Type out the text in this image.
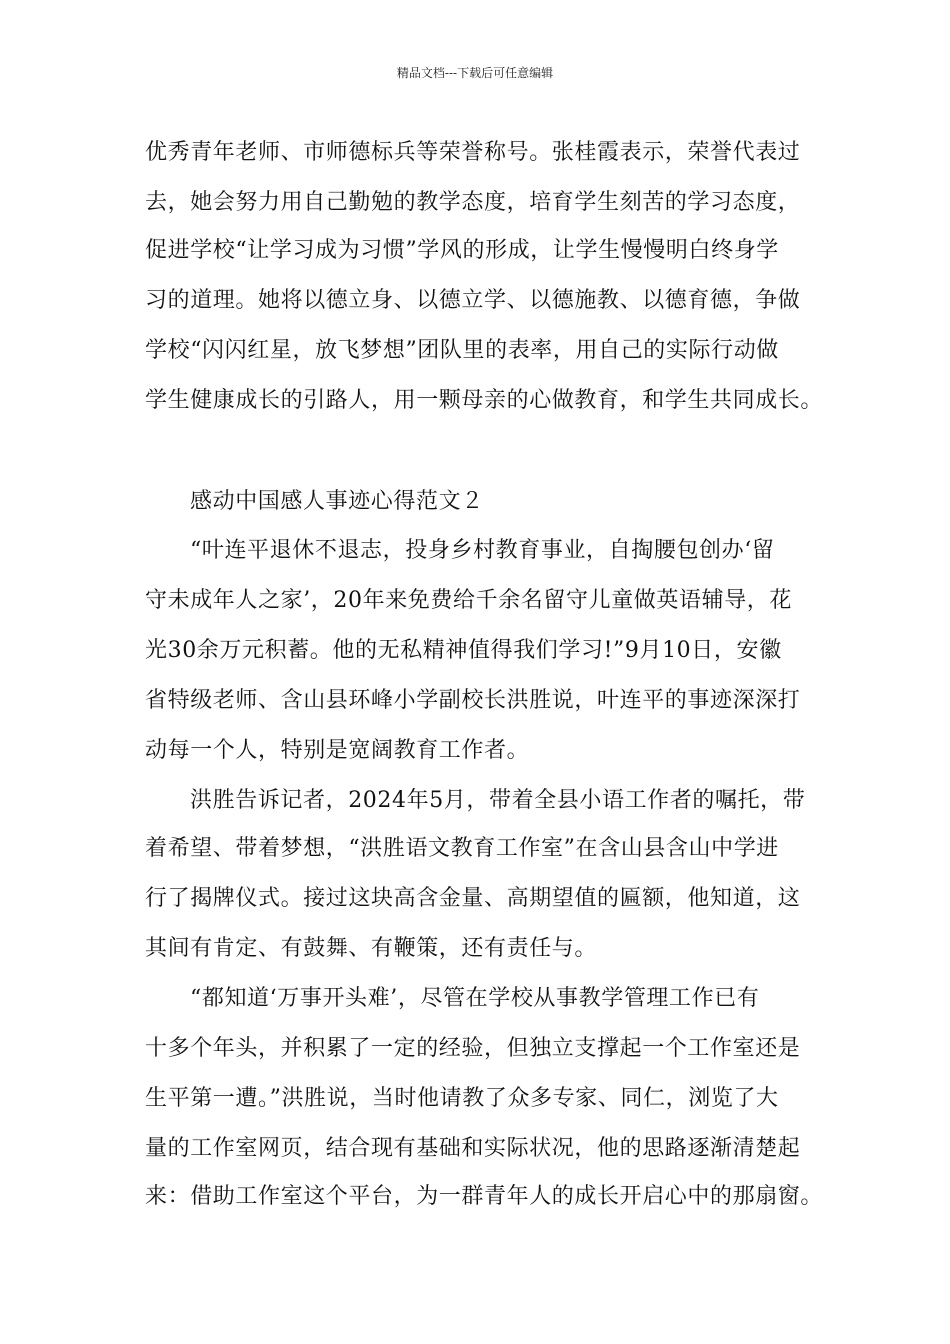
精品文档---下载后可任意编辑
优秀青年老师、市师德标兵等荣誉称号。张桂霞表示，荣誉代表过
去，她会努力用自己勤勉的教学态度，培育学生刻苦的学习态度，
促进学校“让学习成为习惯”学风的形成，让学生慢慢明白终身学
习的道理。她将以德立身、以德立学、以德施教、以德育德，争做
学校“闪闪红星，放飞梦想”团队里的表率，用自己的实际行动做
学生健康成长的引路人，用一颗母亲的心做教育，和学生共同成长。
感动中国感人事迹心得范文２
“叶连平退休不退志，投身乡村教育事业，自掏腰包创办‘留
守未成年人之家’，20年来免费给千余名留守儿童做英语辅导，花
光30余万元积蓄。他的无私精神值得我们学习!”9月10日，安徽
省特级老师、含山县环峰小学副校长洪胜说，叶连平的事迹深深打
动每一个人，特别是宽阔教育工作者。
洪胜告诉记者，2024年5月，带着全县小语工作者的嘱托，带
着希望、带着梦想，“洪胜语文教育工作室”在含山县含山中学进
行了揭牌仪式。接过这块高含金量、高期望值的匾额，他知道，这
其间有肯定、有鼓舞、有鞭策，还有责任与。
“都知道‘万事开头难’，尽管在学校从事教学管理工作已有
十多个年头，并积累了一定的经验，但独立支撑起一个工作室还是
生平第一遭。”洪胜说，当时他请教了众多专家、同仁，浏览了大
量的工作室网页，结合现有基础和实际状况，他的思路逐渐清楚起
来：借助工作室这个平台，为一群青年人的成长开启心中的那扇窗。
